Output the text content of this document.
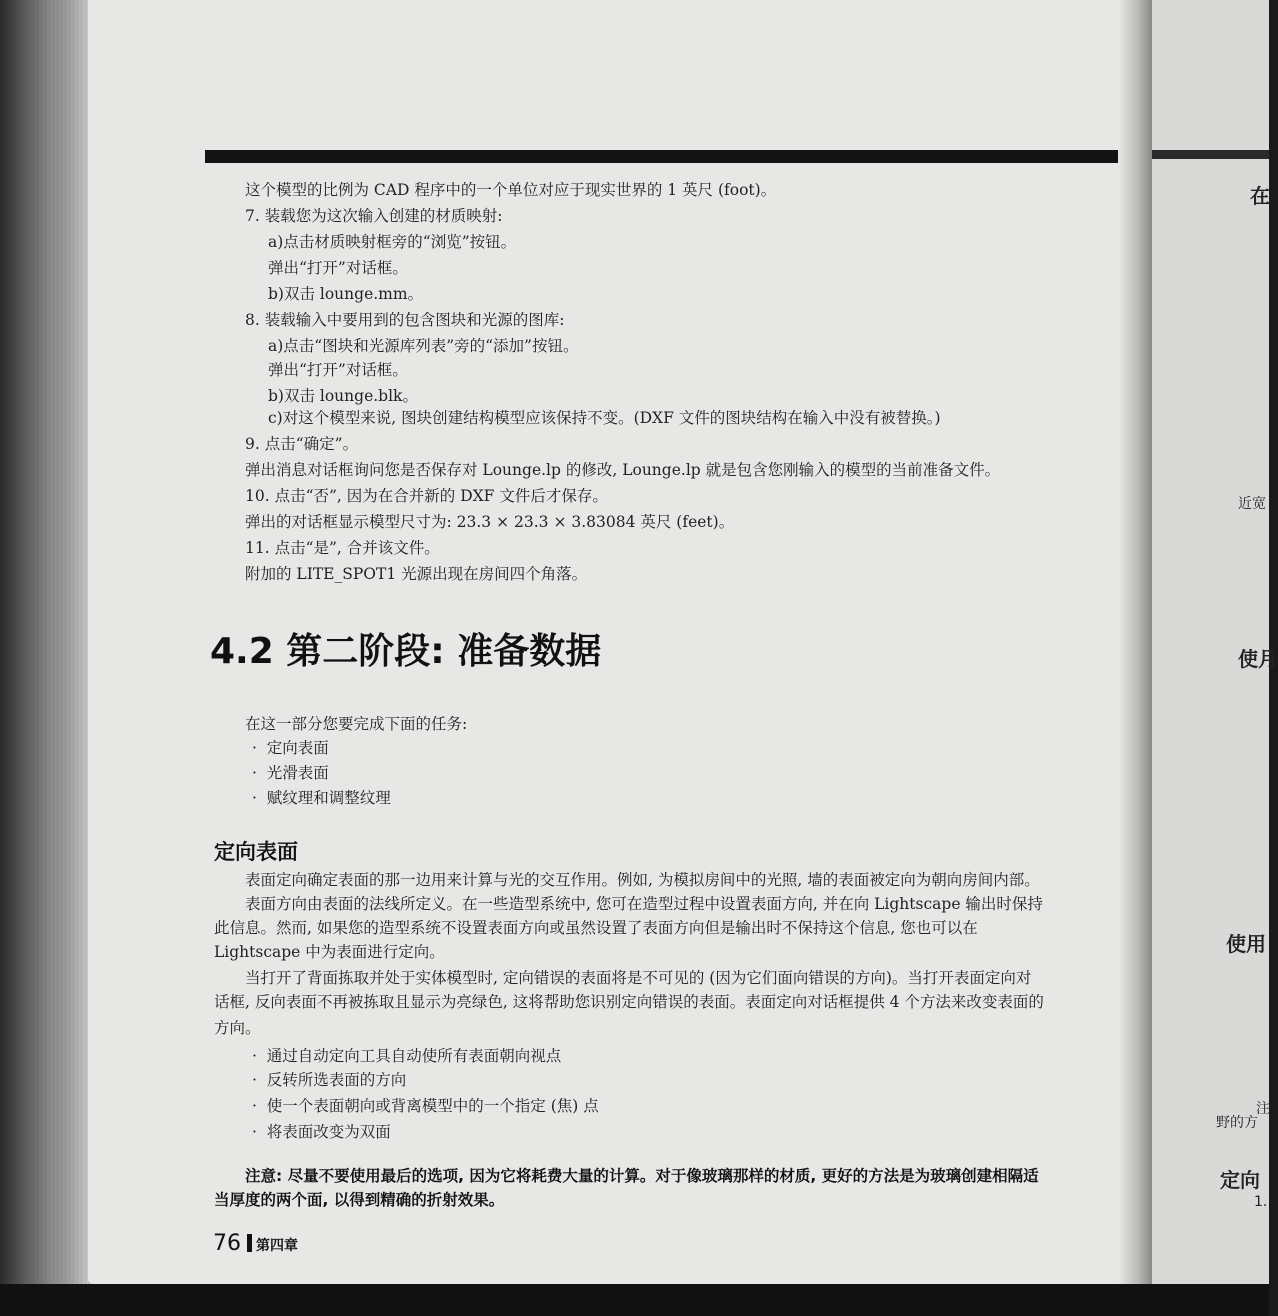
在
近宽
使月
使用
注
野的方
定向
1.
这个模型的比例为 CAD 程序中的一个单位对应于现实世界的 1 英尺 (foot)。
7. 装载您为这次输入创建的材质映射:
a)点击材质映射框旁的“浏览”按钮。
弹出“打开”对话框。
b)双击 lounge.mm。
8. 装载输入中要用到的包含图块和光源的图库:
a)点击“图块和光源库列表”旁的“添加”按钮。
弹出“打开”对话框。
b)双击 lounge.blk。
c)对这个模型来说, 图块创建结构模型应该保持不变。(DXF 文件的图块结构在输入中没有被替换。)
9. 点击“确定”。
弹出消息对话框询问您是否保存对 Lounge.lp 的修改, Lounge.lp 就是包含您刚输入的模型的当前准备文件。
10. 点击“否”, 因为在合并新的 DXF 文件后才保存。
弹出的对话框显示模型尺寸为: 23.3 × 23.3 × 3.83084 英尺 (feet)。
11. 点击“是”, 合并该文件。
附加的 LITE_SPOT1 光源出现在房间四个角落。
4.2 第二阶段: 准备数据
在这一部分您要完成下面的任务:
· 定向表面
· 光滑表面
· 赋纹理和调整纹理
定向表面
表面定向确定表面的那一边用来计算与光的交互作用。例如, 为模拟房间中的光照, 墙的表面被定向为朝向房间内部。
表面方向由表面的法线所定义。在一些造型系统中, 您可在造型过程中设置表面方向, 并在向 Lightscape 输出时保持
此信息。然而, 如果您的造型系统不设置表面方向或虽然设置了表面方向但是输出时不保持这个信息, 您也可以在
Lightscape 中为表面进行定向。
当打开了背面拣取并处于实体模型时, 定向错误的表面将是不可见的 (因为它们面向错误的方向)。当打开表面定向对
话框, 反向表面不再被拣取且显示为亮绿色, 这将帮助您识别定向错误的表面。表面定向对话框提供 4 个方法来改变表面的
方向。
· 通过自动定向工具自动使所有表面朝向视点
· 反转所选表面的方向
· 使一个表面朝向或背离模型中的一个指定 (焦) 点
· 将表面改变为双面
注意: 尽量不要使用最后的选项, 因为它将耗费大量的计算。对于像玻璃那样的材质, 更好的方法是为玻璃创建相隔适
当厚度的两个面, 以得到精确的折射效果。
76 第四章
